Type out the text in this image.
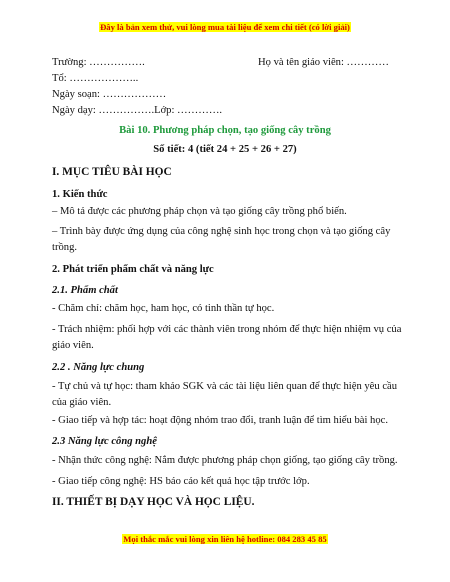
Đây là bản xem thử, vui lòng mua tài liệu để xem chi tiết (có lời giải)
Trường: …………….	Họ và tên giáo viên: …………
Tổ: ………………..
Ngày soạn: ………………
Ngày dạy: …………….Lớp: ………….
Bài 10. Phương pháp chọn, tạo giống cây trồng
Số tiết: 4 (tiết 24 + 25 + 26 + 27)
I. MỤC TIÊU BÀI HỌC
1. Kiến thức
– Mô tả được các phương pháp chọn và tạo giống cây trồng phổ biến.
– Trình bày được ứng dụng của công nghệ sinh học trong chọn và tạo giống cây trồng.
2. Phát triển phẩm chất và năng lực
2.1. Phẩm chất
- Chăm chỉ: chăm học, ham học, có tinh thần tự học.
- Trách nhiệm: phối hợp với các thành viên trong nhóm để thực hiện nhiệm vụ của giáo viên.
2.2 . Năng lực chung
- Tự chủ và tự học: tham khảo SGK và các tài liệu liên quan để thực hiện yêu cầu của giáo viên.
- Giao tiếp và hợp tác: hoạt động nhóm trao đổi, tranh luận để tìm hiểu bài học.
2.3 Năng lực công nghệ
- Nhận thức công nghệ: Nắm được phương pháp chọn giống, tạo giống cây trồng.
- Giao tiếp công nghệ: HS báo cáo kết quả học tập trước lớp.
II. THIẾT BỊ DẠY HỌC VÀ HỌC LIỆU.
Mọi thắc mắc vui lòng xin liên hệ hotline: 084 283 45 85
